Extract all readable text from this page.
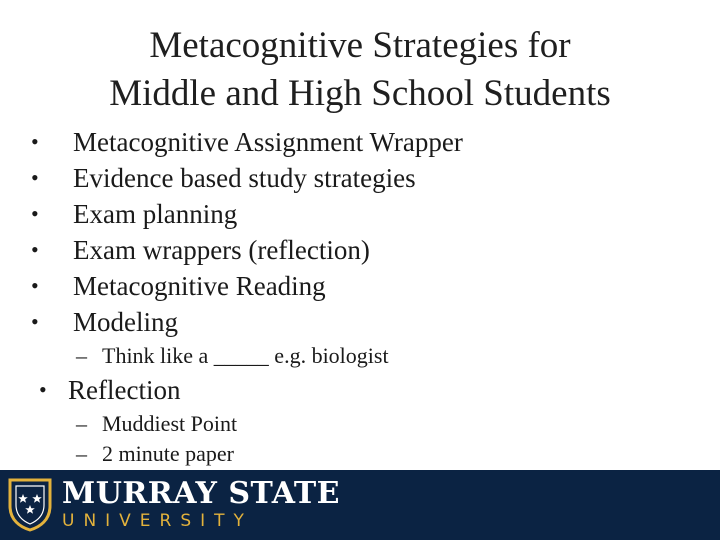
Metacognitive Strategies for
Middle and High School Students
• Metacognitive Assignment Wrapper
• Evidence based study strategies
• Exam planning
• Exam wrappers (reflection)
• Metacognitive Reading
• Modeling
– Think like a _____ e.g. biologist
• Reflection
– Muddiest Point
– 2 minute paper
MURRAY STATE
UNIVERSITY
